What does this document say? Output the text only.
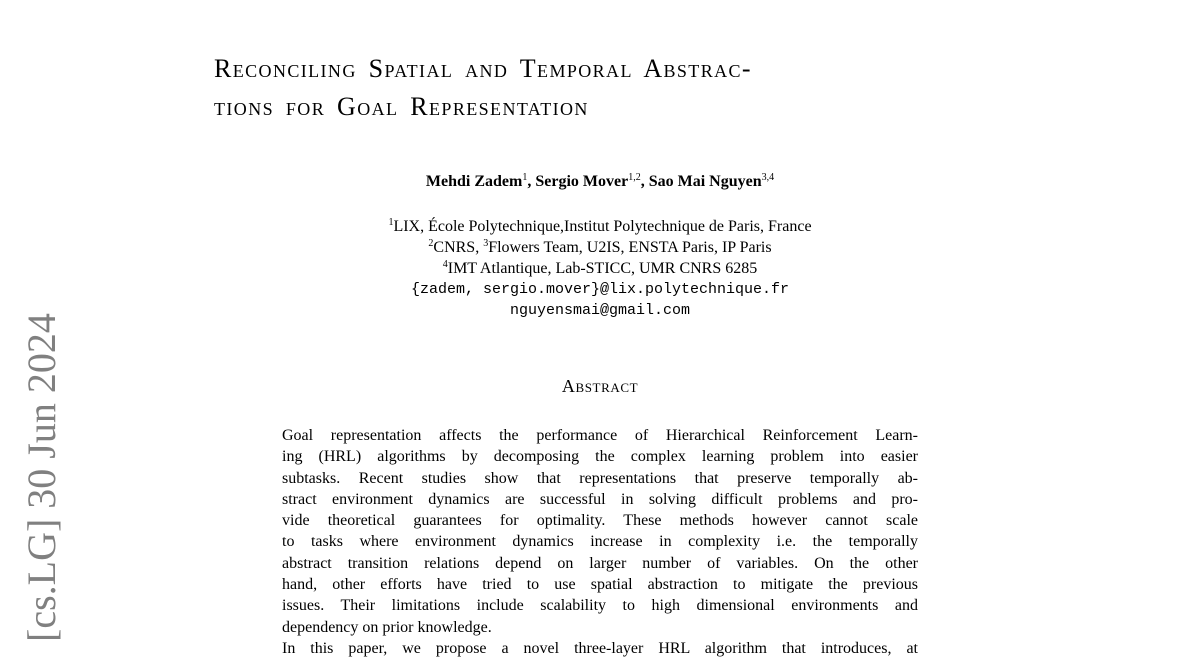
[cs.LG] 30 Jun 2024
Reconciling Spatial and Temporal Abstrac-
tions for Goal Representation
Mehdi Zadem$^1$, Sergio Mover$^{1,2}$, Sao Mai Nguyen$^{3,4}$
$^1$LIX, École Polytechnique,Institut Polytechnique de Paris, France
$^2$CNRS, $^3$Flowers Team, U2IS, ENSTA Paris, IP Paris
$^4$IMT Atlantique, Lab-STICC, UMR CNRS 6285
{zadem, sergio.mover}@lix.polytechnique.fr
nguyensmai@gmail.com
Abstract
Goal representation affects the performance of Hierarchical Reinforcement Learn-
ing (HRL) algorithms by decomposing the complex learning problem into easier
subtasks. Recent studies show that representations that preserve temporally ab-
stract environment dynamics are successful in solving difficult problems and pro-
vide theoretical guarantees for optimality. These methods however cannot scale
to tasks where environment dynamics increase in complexity i.e. the temporally
abstract transition relations depend on larger number of variables. On the other
hand, other efforts have tried to use spatial abstraction to mitigate the previous
issues. Their limitations include scalability to high dimensional environments and
dependency on prior knowledge.
In this paper, we propose a novel three-layer HRL algorithm that introduces, at
